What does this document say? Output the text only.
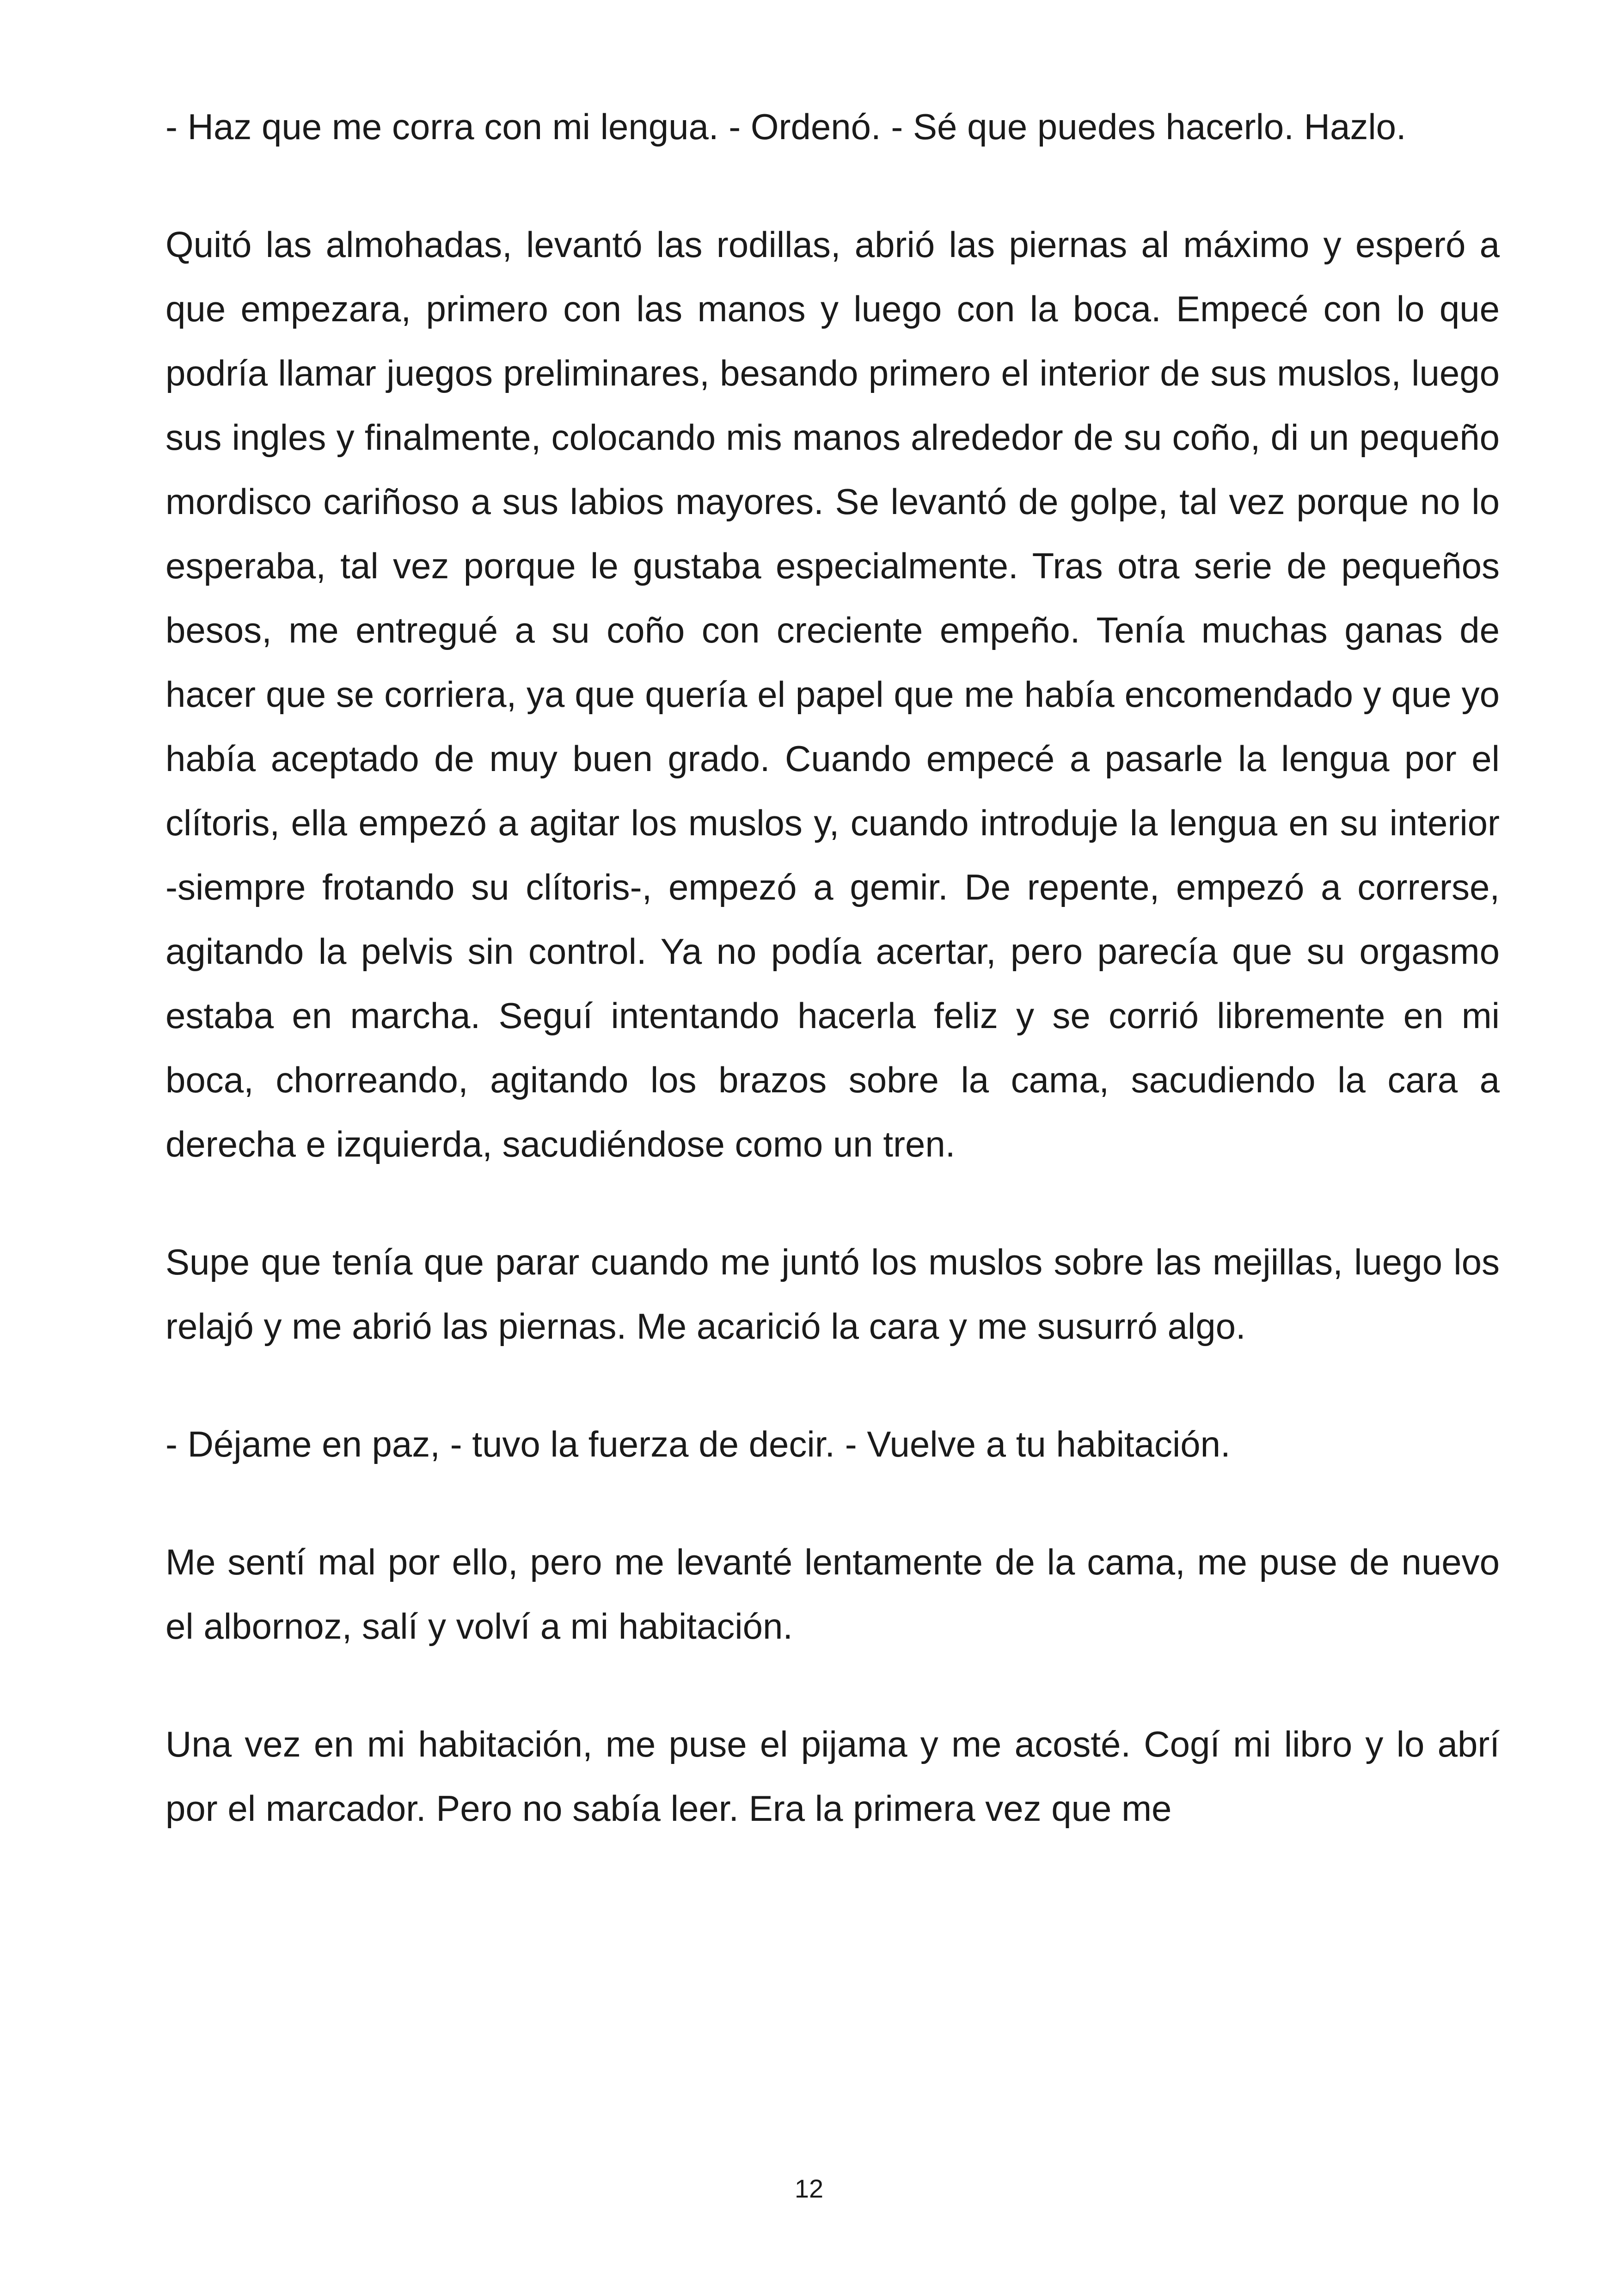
- Haz que me corra con mi lengua. - Ordenó. - Sé que puedes hacerlo. Hazlo.

Quitó las almohadas, levantó las rodillas, abrió las piernas al máximo y esperó a que empezara, primero con las manos y luego con la boca. Empecé con lo que podría llamar juegos preliminares, besando primero el interior de sus muslos, luego sus ingles y finalmente, colocando mis manos alrededor de su coño, di un pequeño mordisco cariñoso a sus labios mayores. Se levantó de golpe, tal vez porque no lo esperaba, tal vez porque le gustaba especialmente. Tras otra serie de pequeños besos, me entregué a su coño con creciente empeño. Tenía muchas ganas de hacer que se corriera, ya que quería el papel que me había encomendado y que yo había aceptado de muy buen grado. Cuando empecé a pasarle la lengua por el clítoris, ella empezó a agitar los muslos y, cuando introduje la lengua en su interior -siempre frotando su clítoris-, empezó a gemir. De repente, empezó a correrse, agitando la pelvis sin control. Ya no podía acertar, pero parecía que su orgasmo estaba en marcha. Seguí intentando hacerla feliz y se corrió libremente en mi boca, chorreando, agitando los brazos sobre la cama, sacudiendo la cara a derecha e izquierda, sacudiéndose como un tren.

Supe que tenía que parar cuando me juntó los muslos sobre las mejillas, luego los relajó y me abrió las piernas. Me acarició la cara y me susurró algo.

- Déjame en paz, - tuvo la fuerza de decir. - Vuelve a tu habitación.

Me sentí mal por ello, pero me levanté lentamente de la cama, me puse de nuevo el albornoz, salí y volví a mi habitación.

Una vez en mi habitación, me puse el pijama y me acosté. Cogí mi libro y lo abrí por el marcador. Pero no sabía leer. Era la primera vez que me

12
